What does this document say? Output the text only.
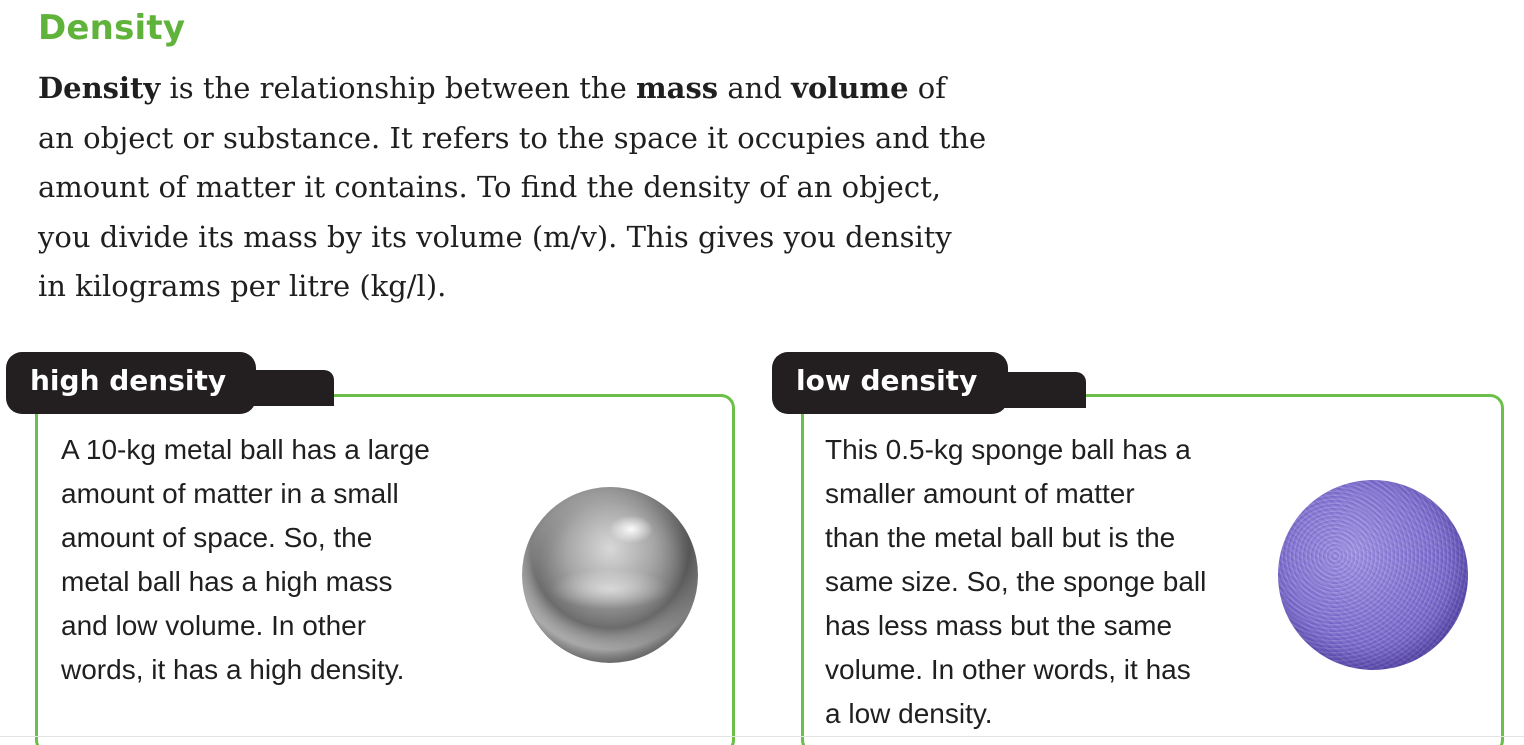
Density

Density is the relationship between the mass and volume of an object or substance. It refers to the space it occupies and the amount of matter it contains. To find the density of an object, you divide its mass by its volume (m/v). This gives you density in kilograms per litre (kg/l).

high density
A 10-kg metal ball has a large
amount of matter in a small
amount of space. So, the
metal ball has a high mass
and low volume. In other
words, it has a high density.
low density
This 0.5-kg sponge ball has a
smaller amount of matter
than the metal ball but is the
same size. So, the sponge ball
has less mass but the same
volume. In other words, it has
a low density.
